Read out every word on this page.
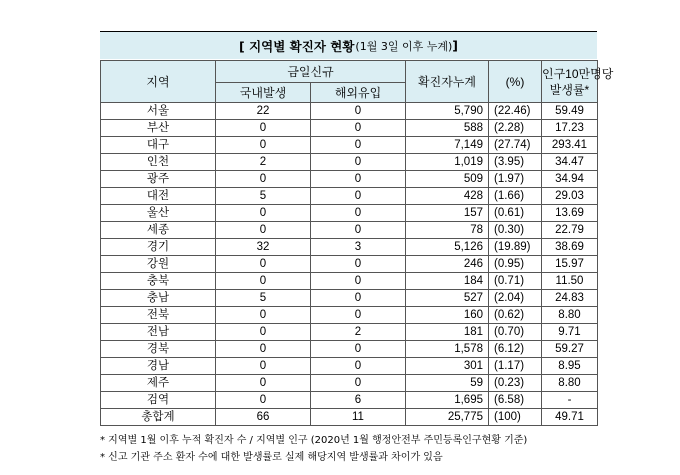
[ 지역별 확진자 현황 (1월 3일 이후 누계) ]
지역	금일신규		확진자누계	(%)	인구10만명당
발생률*

	국내발생	해외유입			
서울	22	0	5,790	(22.46)	59.49
부산	0	0	588	(2.28)	17.23
대구	0	0	7,149	(27.74)	293.41
인천	2	0	1,019	(3.95)	34.47
광주	0	0	509	(1.97)	34.94
대전	5	0	428	(1.66)	29.03
울산	0	0	157	(0.61)	13.69
세종	0	0	78	(0.30)	22.79
경기	32	3	5,126	(19.89)	38.69
강원	0	0	246	(0.95)	15.97
충북	0	0	184	(0.71)	11.50
충남	5	0	527	(2.04)	24.83
전북	0	0	160	(0.62)	8.80
전남	0	2	181	(0.70)	9.71
경북	0	0	1,578	(6.12)	59.27
경남	0	0	301	(1.17)	8.95
제주	0	0	59	(0.23)	8.80
검역	0	6	1,695	(6.58)	-
총합계	66	11	25,775	(100)	49.71
* 지역별 1월 이후 누적 확진자 수 / 지역별 인구 (2020년 1월 행정안전부 주민등록인구현황 기준)
* 신고 기관 주소 환자 수에 대한 발생률로 실제 해당지역 발생률과 차이가 있음
